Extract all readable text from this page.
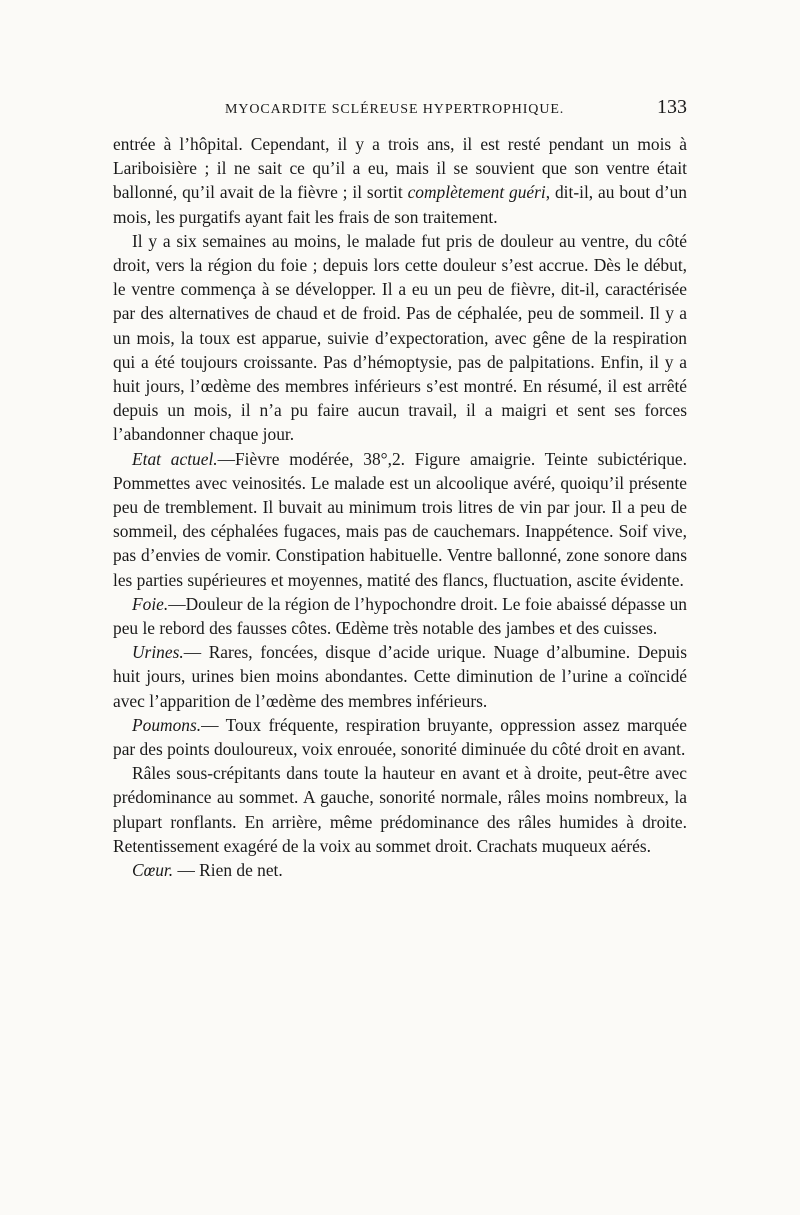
MYOCARDITE SCLÉREUSE HYPERTROPHIQUE.	133

entrée à l’hôpital. Cependant, il y a trois ans, il est resté pendant un mois à Lariboisière ; il ne sait ce qu’il a eu, mais il se souvient que son ventre était ballonné, qu’il avait de la fièvre ; il sortit complètement guéri, dit-il, au bout d’un mois, les purgatifs ayant fait les frais de son traitement.

Il y a six semaines au moins, le malade fut pris de douleur au ventre, du côté droit, vers la région du foie ; depuis lors cette douleur s’est accrue. Dès le début, le ventre commença à se développer. Il a eu un peu de fièvre, dit-il, caractérisée par des alternatives de chaud et de froid. Pas de céphalée, peu de sommeil. Il y a un mois, la toux est apparue, suivie d’expectoration, avec gêne de la respiration qui a été toujours croissante. Pas d’hémoptysie, pas de palpitations. Enfin, il y a huit jours, l’œdème des membres inférieurs s’est montré. En résumé, il est arrêté depuis un mois, il n’a pu faire aucun travail, il a maigri et sent ses forces l’abandonner chaque jour.

Etat actuel.—Fièvre modérée, 38°,2. Figure amaigrie. Teinte subictérique. Pommettes avec veinosités. Le malade est un alcoolique avéré, quoiqu’il présente peu de tremblement. Il buvait au minimum trois litres de vin par jour. Il a peu de sommeil, des céphalées fugaces, mais pas de cauchemars. Inappétence. Soif vive, pas d’envies de vomir. Constipation habituelle. Ventre ballonné, zone sonore dans les parties supérieures et moyennes, matité des flancs, fluctuation, ascite évidente.

Foie.—Douleur de la région de l’hypochondre droit. Le foie abaissé dépasse un peu le rebord des fausses côtes. Œdème très notable des jambes et des cuisses.

Urines.— Rares, foncées, disque d’acide urique. Nuage d’albumine. Depuis huit jours, urines bien moins abondantes. Cette diminution de l’urine a coïncidé avec l’apparition de l’œdème des membres inférieurs.

Poumons.— Toux fréquente, respiration bruyante, oppression assez marquée par des points douloureux, voix enrouée, sonorité diminuée du côté droit en avant.

Râles sous-crépitants dans toute la hauteur en avant et à droite, peut-être avec prédominance au sommet. A gauche, sonorité normale, râles moins nombreux, la plupart ronflants. En arrière, même prédominance des râles humides à droite. Retentissement exagéré de la voix au sommet droit. Crachats muqueux aérés.

Cœur. — Rien de net.
